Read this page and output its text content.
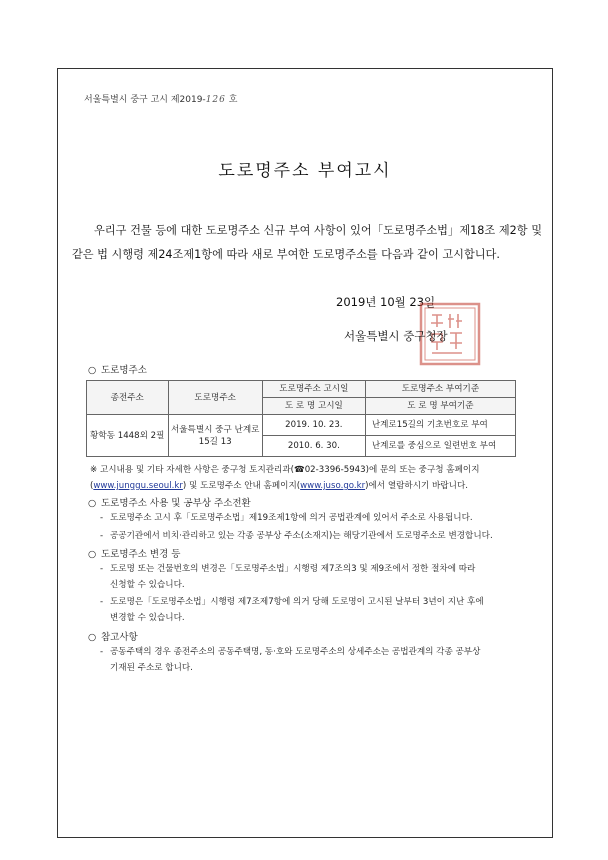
서울특별시 중구 고시 제2019-126 호
도로명주소 부여고시
우리구 건물 등에 대한 도로명주소 신규 부여 사항이 있어「도로명주소법」제18조 제2항 및 같은 법 시행령 제24조제1항에 따라 새로 부여한 도로명주소를 다음과 같이 고시합니다.
2019년 10월 23일
서울특별시 중구청장
○ 도로명주소
종전주소	도로명주소	도로명주소 고시일	도로명주소 부여기준
		도 로 명 고시일	도 로 명 부여기준
황학동 1448외 2필	서울특별시 중구 난계로15길 13	2019. 10. 23.	난계로15길의 기초번호로 부여
		2010. 6. 30.	난계로를 중심으로 일련번호 부여
※ 고시내용 및 기타 자세한 사항은 중구청 토지관리과(☎02-3396-5943)에 문의 또는 중구청 홈페이지 (www.junggu.seoul.kr) 및 도로명주소 안내 홈페이지(www.juso.go.kr)에서 열람하시기 바랍니다.
○ 도로명주소 사용 및 공부상 주소전환
- 도로명주소 고시 후「도로명주소법」제19조제1항에 의거 공법관계에 있어서 주소로 사용됩니다.
- 공공기관에서 비치·관리하고 있는 각종 공부상 주소(소재지)는 해당기관에서 도로명주소로 변경합니다.
○ 도로명주소 변경 등
- 도로명 또는 건물번호의 변경은「도로명주소법」시행령 제7조의3 및 제9조에서 정한 절차에 따라
신청할 수 있습니다.
- 도로명은「도로명주소법」시행령 제7조제7항에 의거 당해 도로명이 고시된 날부터 3년이 지난 후에
변경할 수 있습니다.
○ 참고사항
- 공동주택의 경우 종전주소의 공동주택명, 동·호와 도로명주소의 상세주소는 공법관계의 각종 공부상
기재된 주소로 합니다.
